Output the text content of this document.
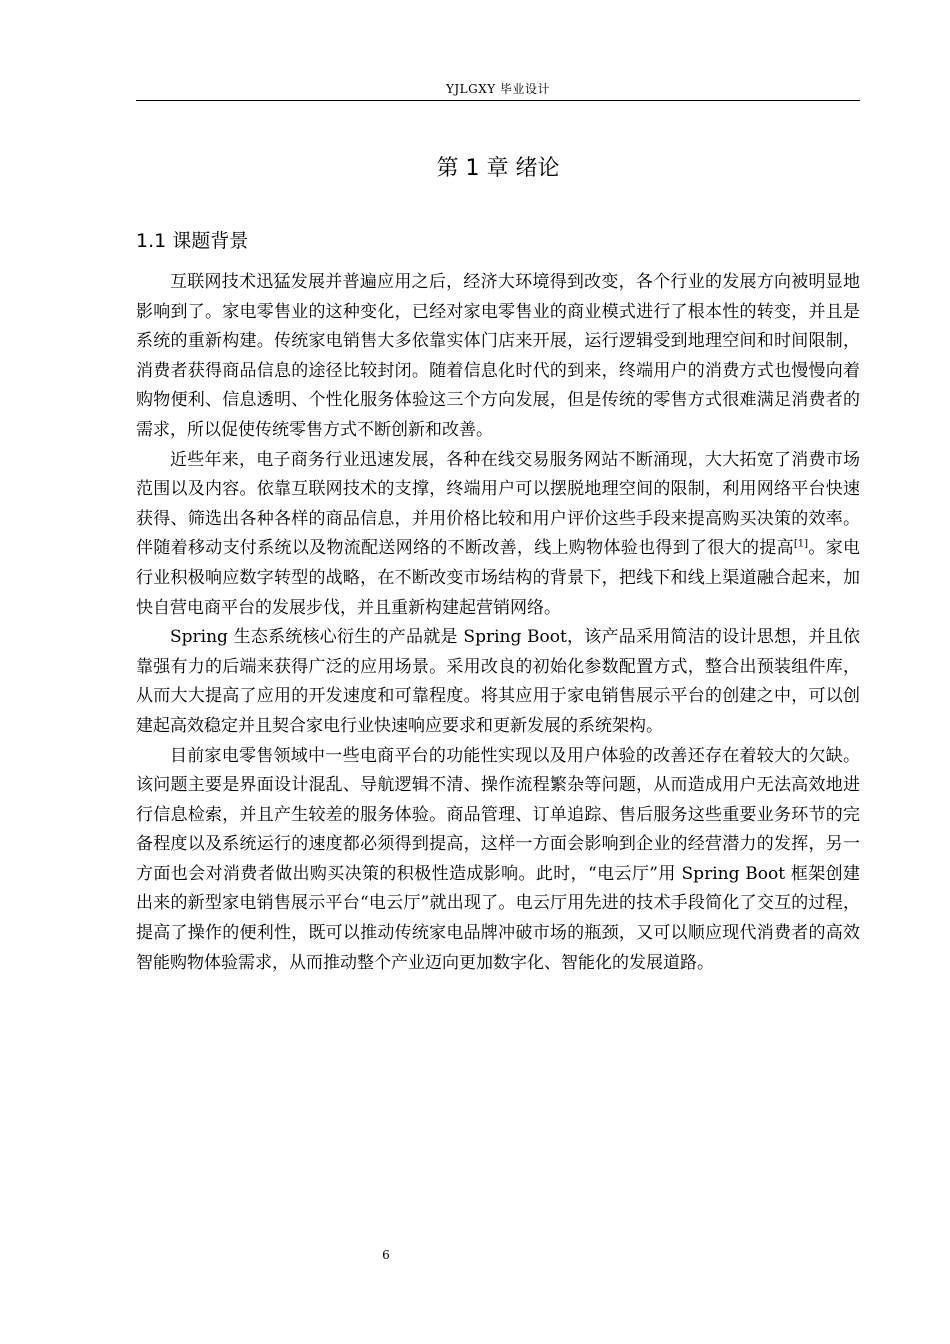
YJLGXY 毕业设计
第 1 章 绪论
1.1 课题背景

互联网技术迅猛发展并普遍应用之后，经济大环境得到改变，各个行业的发展方向被明显地影响到了。家电零售业的这种变化，已经对家电零售业的商业模式进行了根本性的转变，并且是系统的重新构建。传统家电销售大多依靠实体门店来开展，运行逻辑受到地理空间和时间限制，消费者获得商品信息的途径比较封闭。随着信息化时代的到来，终端用户的消费方式也慢慢向着购物便利、信息透明、个性化服务体验这三个方向发展，但是传统的零售方式很难满足消费者的需求，所以促使传统零售方式不断创新和改善。

近些年来，电子商务行业迅速发展，各种在线交易服务网站不断涌现，大大拓宽了消费市场范围以及内容。依靠互联网技术的支撑，终端用户可以摆脱地理空间的限制，利用网络平台快速获得、筛选出各种各样的商品信息，并用价格比较和用户评价这些手段来提高购买决策的效率。伴随着移动支付系统以及物流配送网络的不断改善，线上购物体验也得到了很大的提高[1]。家电行业积极响应数字转型的战略，在不断改变市场结构的背景下，把线下和线上渠道融合起来，加快自营电商平台的发展步伐，并且重新构建起营销网络。

Spring 生态系统核心衍生的产品就是 Spring Boot，该产品采用简洁的设计思想，并且依靠强有力的后端来获得广泛的应用场景。采用改良的初始化参数配置方式，整合出预装组件库，从而大大提高了应用的开发速度和可靠程度。将其应用于家电销售展示平台的创建之中，可以创建起高效稳定并且契合家电行业快速响应要求和更新发展的系统架构。

目前家电零售领域中一些电商平台的功能性实现以及用户体验的改善还存在着较大的欠缺。该问题主要是界面设计混乱、导航逻辑不清、操作流程繁杂等问题，从而造成用户无法高效地进行信息检索，并且产生较差的服务体验。商品管理、订单追踪、售后服务这些重要业务环节的完备程度以及系统运行的速度都必须得到提高，这样一方面会影响到企业的经营潜力的发挥，另一方面也会对消费者做出购买决策的积极性造成影响。此时，“电云厅”用 Spring Boot 框架创建出来的新型家电销售展示平台“电云厅”就出现了。电云厅用先进的技术手段简化了交互的过程，提高了操作的便利性，既可以推动传统家电品牌冲破市场的瓶颈，又可以顺应现代消费者的高效智能购物体验需求，从而推动整个产业迈向更加数字化、智能化的发展道路。

6
